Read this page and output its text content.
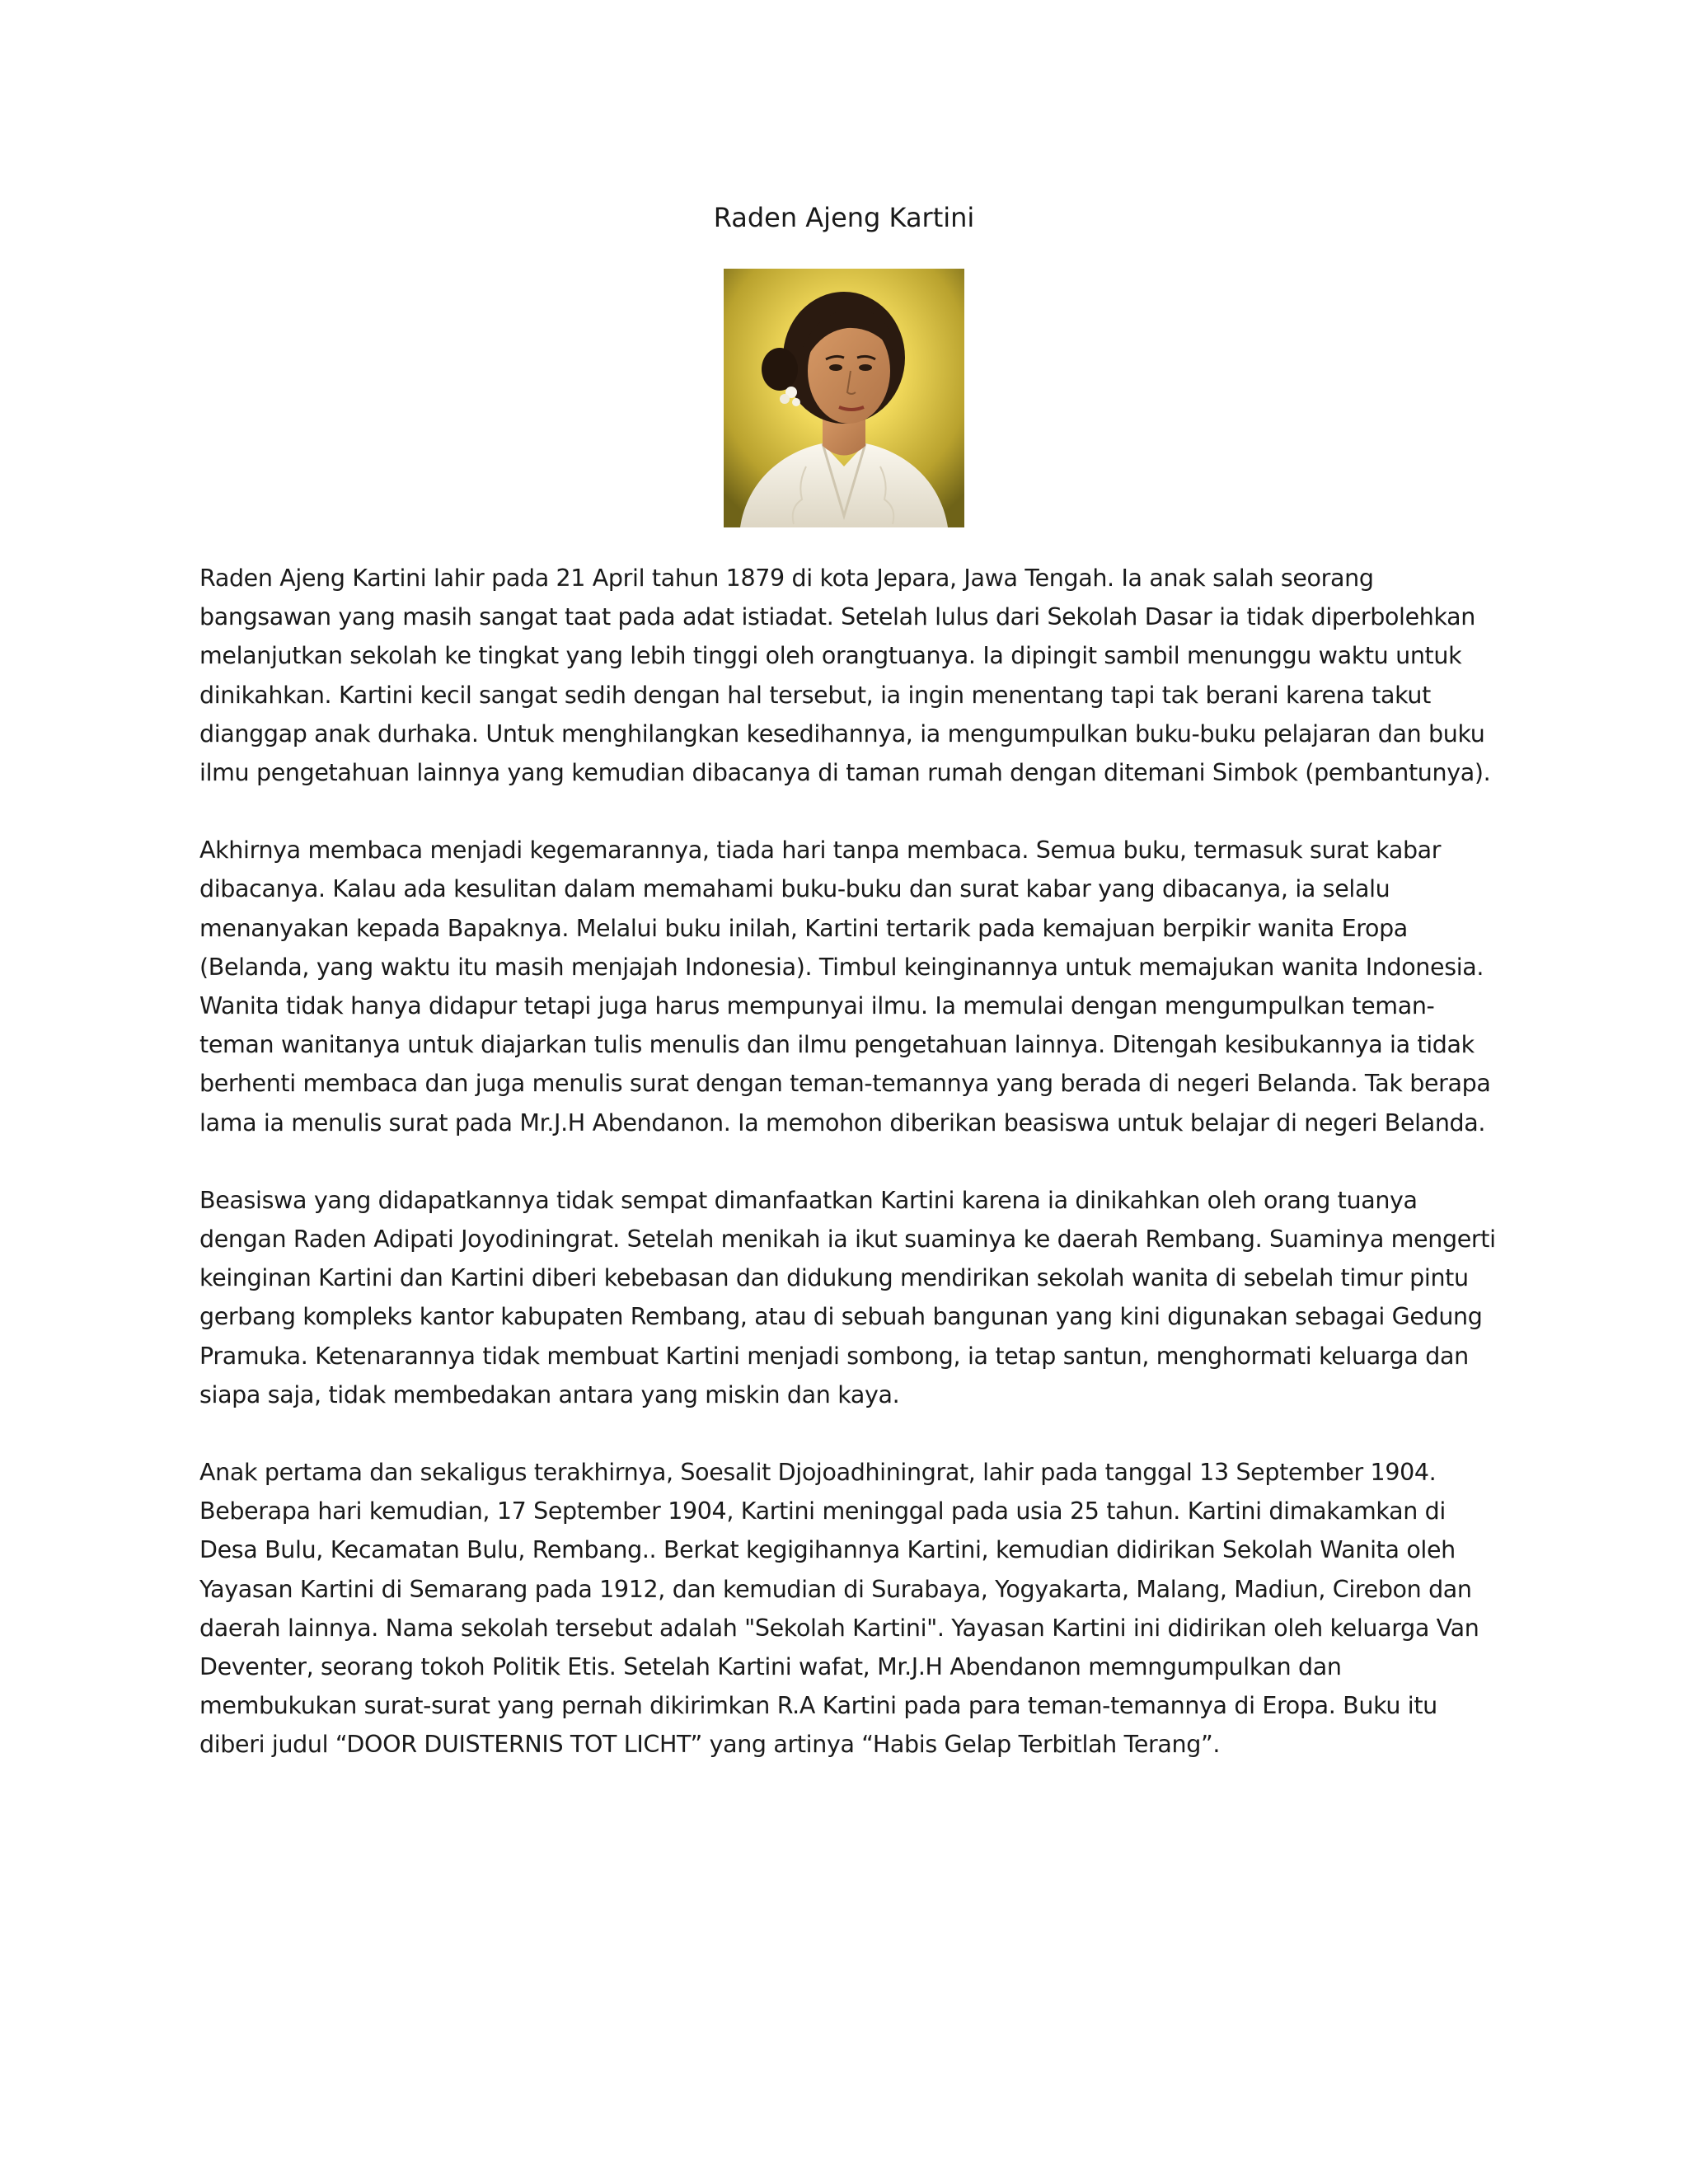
Raden Ajeng Kartini

Raden Ajeng Kartini lahir pada 21 April tahun 1879 di kota Jepara, Jawa Tengah. Ia anak salah seorang bangsawan yang masih sangat taat pada adat istiadat. Setelah lulus dari Sekolah Dasar ia tidak diperbolehkan melanjutkan sekolah ke tingkat yang lebih tinggi oleh orangtuanya. Ia dipingit sambil menunggu waktu untuk dinikahkan. Kartini kecil sangat sedih dengan hal tersebut, ia ingin menentang tapi tak berani karena takut dianggap anak durhaka. Untuk menghilangkan kesedihannya, ia mengumpulkan buku-buku pelajaran dan buku ilmu pengetahuan lainnya yang kemudian dibacanya di taman rumah dengan ditemani Simbok (pembantunya).

Akhirnya membaca menjadi kegemarannya, tiada hari tanpa membaca. Semua buku, termasuk surat kabar dibacanya. Kalau ada kesulitan dalam memahami buku-buku dan surat kabar yang dibacanya, ia selalu menanyakan kepada Bapaknya. Melalui buku inilah, Kartini tertarik pada kemajuan berpikir wanita Eropa (Belanda, yang waktu itu masih menjajah Indonesia). Timbul keinginannya untuk memajukan wanita Indonesia. Wanita tidak hanya didapur tetapi juga harus mempunyai ilmu. Ia memulai dengan mengumpulkan teman-teman wanitanya untuk diajarkan tulis menulis dan ilmu pengetahuan lainnya. Ditengah kesibukannya ia tidak berhenti membaca dan juga menulis surat dengan teman-temannya yang berada di negeri Belanda. Tak berapa lama ia menulis surat pada Mr.J.H Abendanon. Ia memohon diberikan beasiswa untuk belajar di negeri Belanda.

Beasiswa yang didapatkannya tidak sempat dimanfaatkan Kartini karena ia dinikahkan oleh orang tuanya dengan Raden Adipati Joyodiningrat. Setelah menikah ia ikut suaminya ke daerah Rembang. Suaminya mengerti keinginan Kartini dan Kartini diberi kebebasan dan didukung mendirikan sekolah wanita di sebelah timur pintu gerbang kompleks kantor kabupaten Rembang, atau di sebuah bangunan yang kini digunakan sebagai Gedung Pramuka. Ketenarannya tidak membuat Kartini menjadi sombong, ia tetap santun, menghormati keluarga dan siapa saja, tidak membedakan antara yang miskin dan kaya.

Anak pertama dan sekaligus terakhirnya, Soesalit Djojoadhiningrat, lahir pada tanggal 13 September 1904. Beberapa hari kemudian, 17 September 1904, Kartini meninggal pada usia 25 tahun. Kartini dimakamkan di Desa Bulu, Kecamatan Bulu, Rembang.. Berkat kegigihannya Kartini, kemudian didirikan Sekolah Wanita oleh Yayasan Kartini di Semarang pada 1912, dan kemudian di Surabaya, Yogyakarta, Malang, Madiun, Cirebon dan daerah lainnya. Nama sekolah tersebut adalah "Sekolah Kartini". Yayasan Kartini ini didirikan oleh keluarga Van Deventer, seorang tokoh Politik Etis. Setelah Kartini wafat, Mr.J.H Abendanon memngumpulkan dan membukukan surat-surat yang pernah dikirimkan R.A Kartini pada para teman-temannya di Eropa. Buku itu diberi judul “DOOR DUISTERNIS TOT LICHT” yang artinya “Habis Gelap Terbitlah Terang”.
